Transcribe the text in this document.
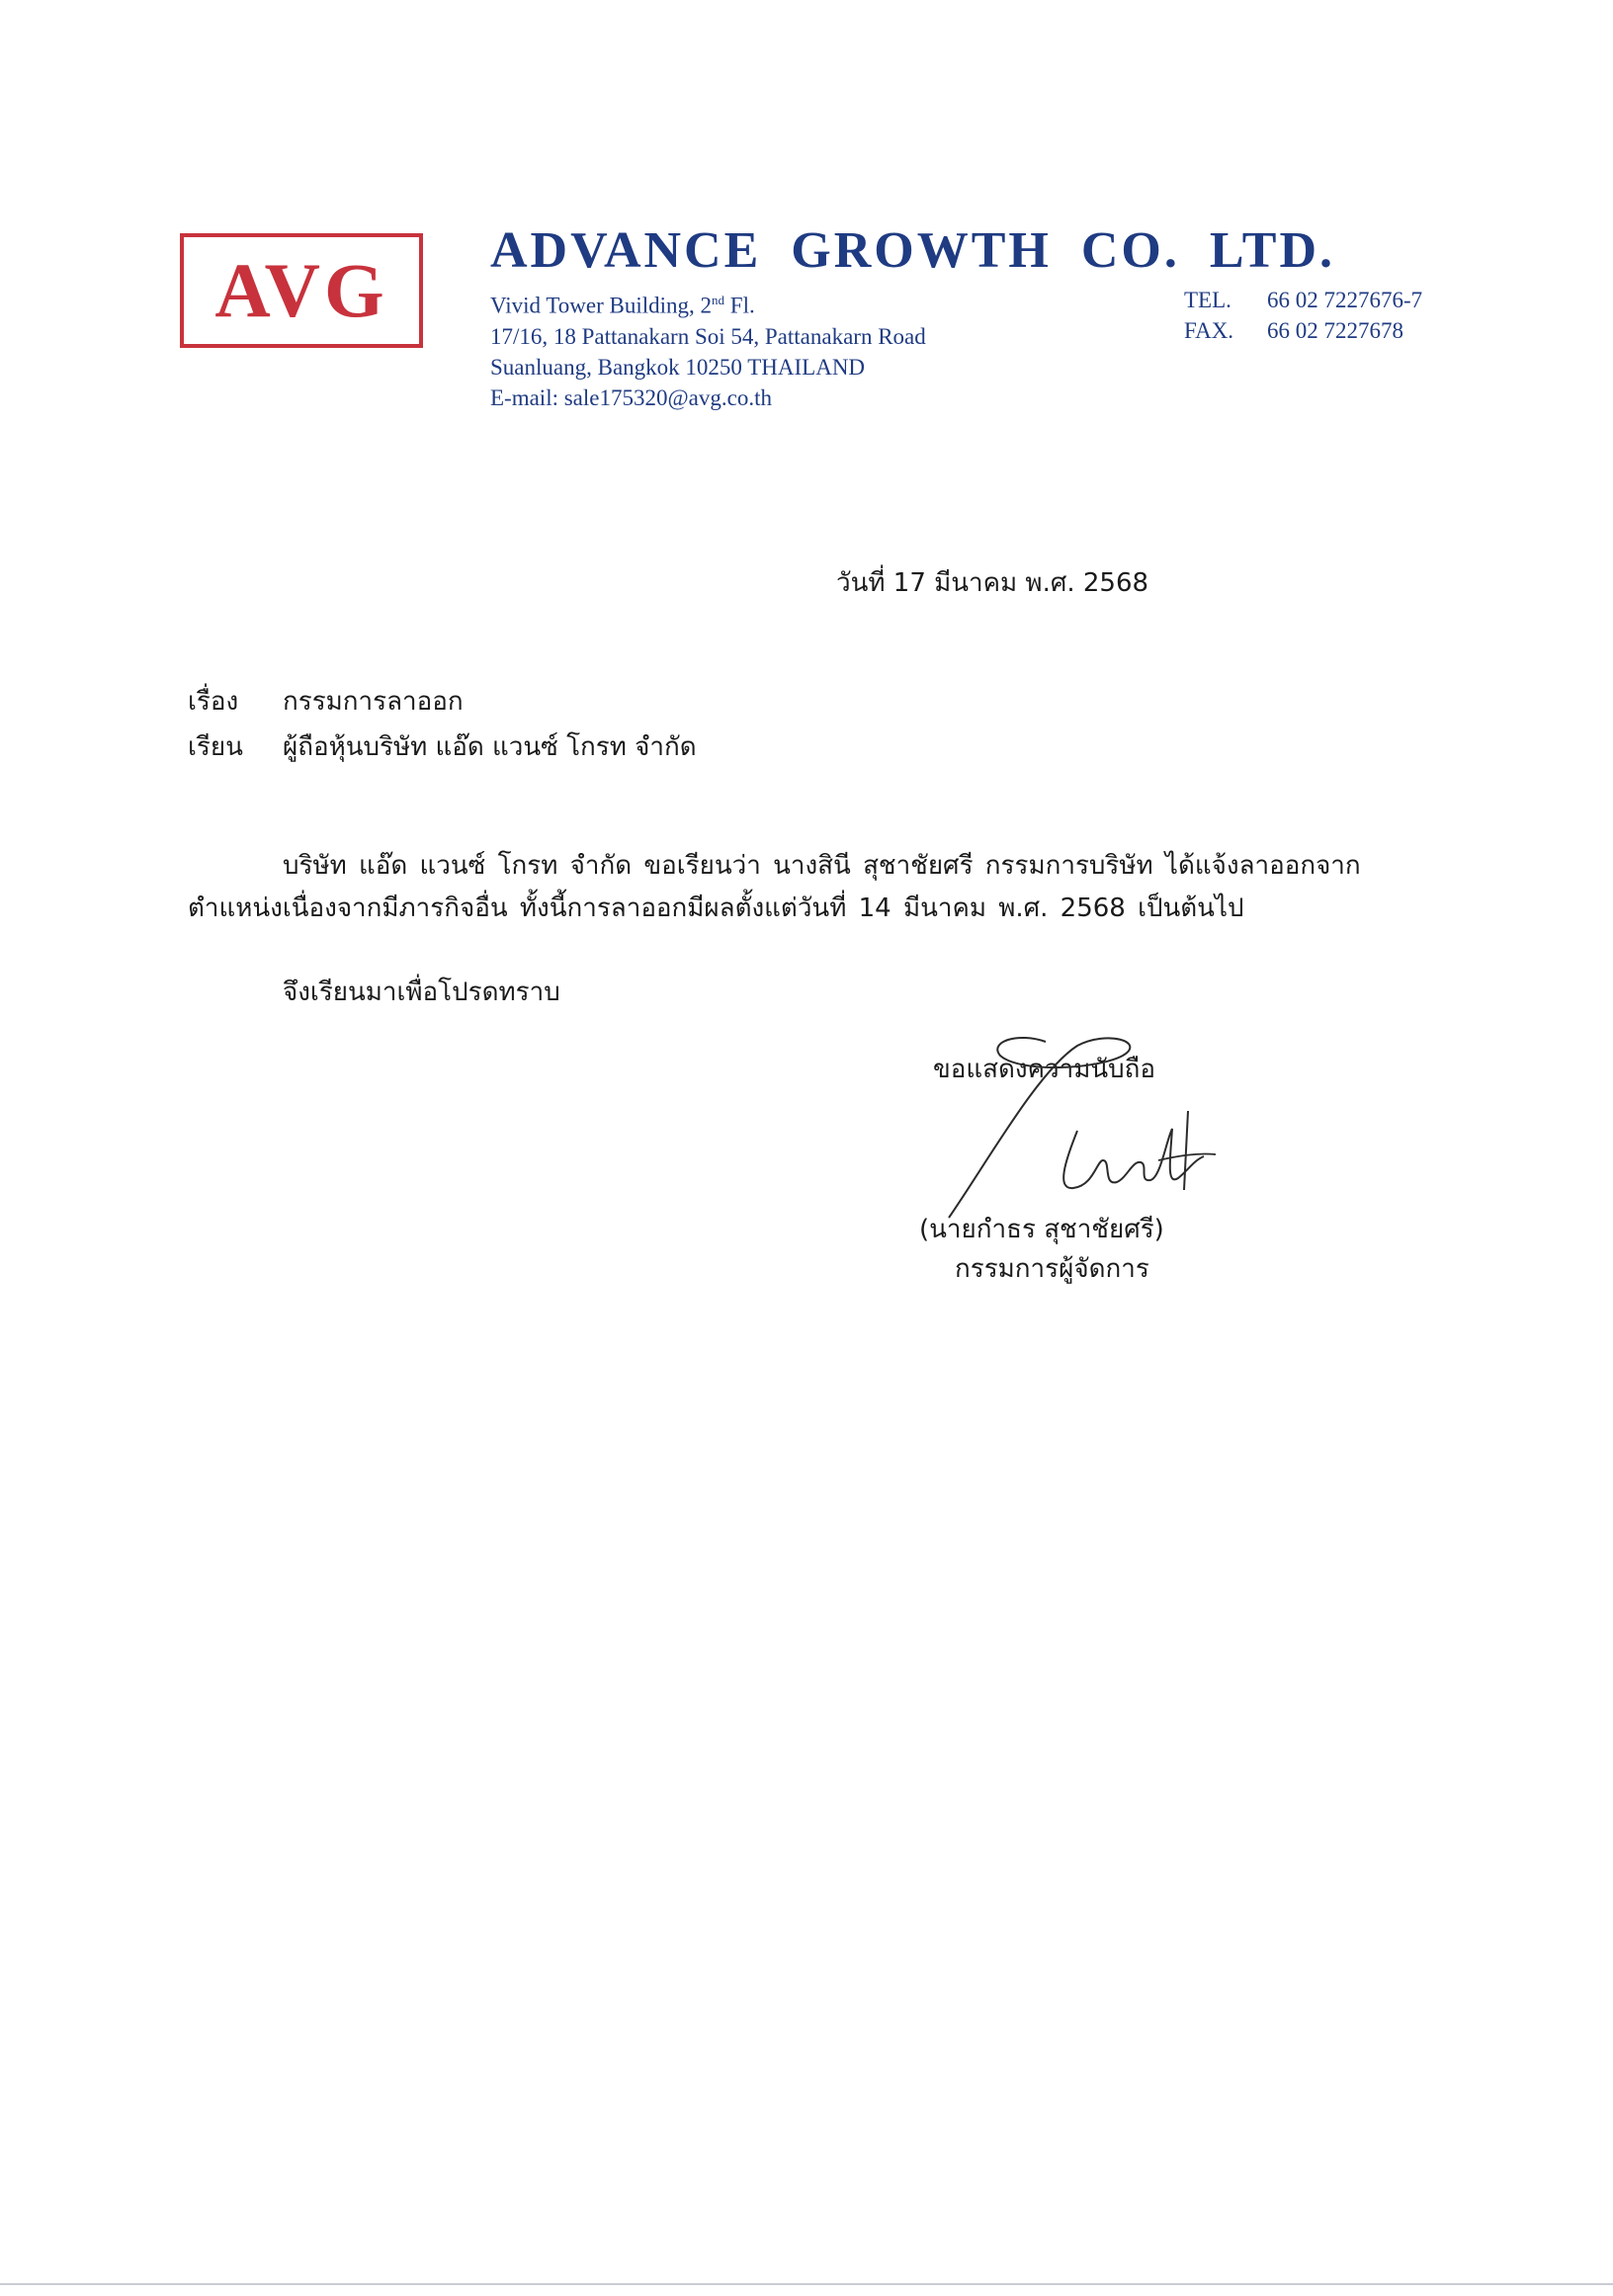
AVG ADVANCE GROWTH CO. LTD.
Vivid Tower Building, 2nd Fl.
17/16, 18 Pattanakarn Soi 54, Pattanakarn Road
Suanluang, Bangkok 10250 THAILAND
E-mail: sale175320@avg.co.th
TEL.	66 02 7227676-7
FAX.	66 02 7227678
วันที่ 17 มีนาคม พ.ศ. 2568
เรื่อง กรรมการลาออก
เรียน ผู้ถือหุ้นบริษัท แอ๊ด แวนซ์ โกรท จำกัด
บริษัท แอ๊ด แวนซ์ โกรท จำกัด ขอเรียนว่า นางสินี สุชาชัยศรี กรรมการบริษัท ได้แจ้งลาออกจาก
ตำแหน่งเนื่องจากมีภารกิจอื่น ทั้งนี้การลาออกมีผลตั้งแต่วันที่ 14 มีนาคม พ.ศ. 2568 เป็นต้นไป
จึงเรียนมาเพื่อโปรดทราบ
ขอแสดงความนับถือ
(นายกำธร สุชาชัยศรี)
กรรมการผู้จัดการ
